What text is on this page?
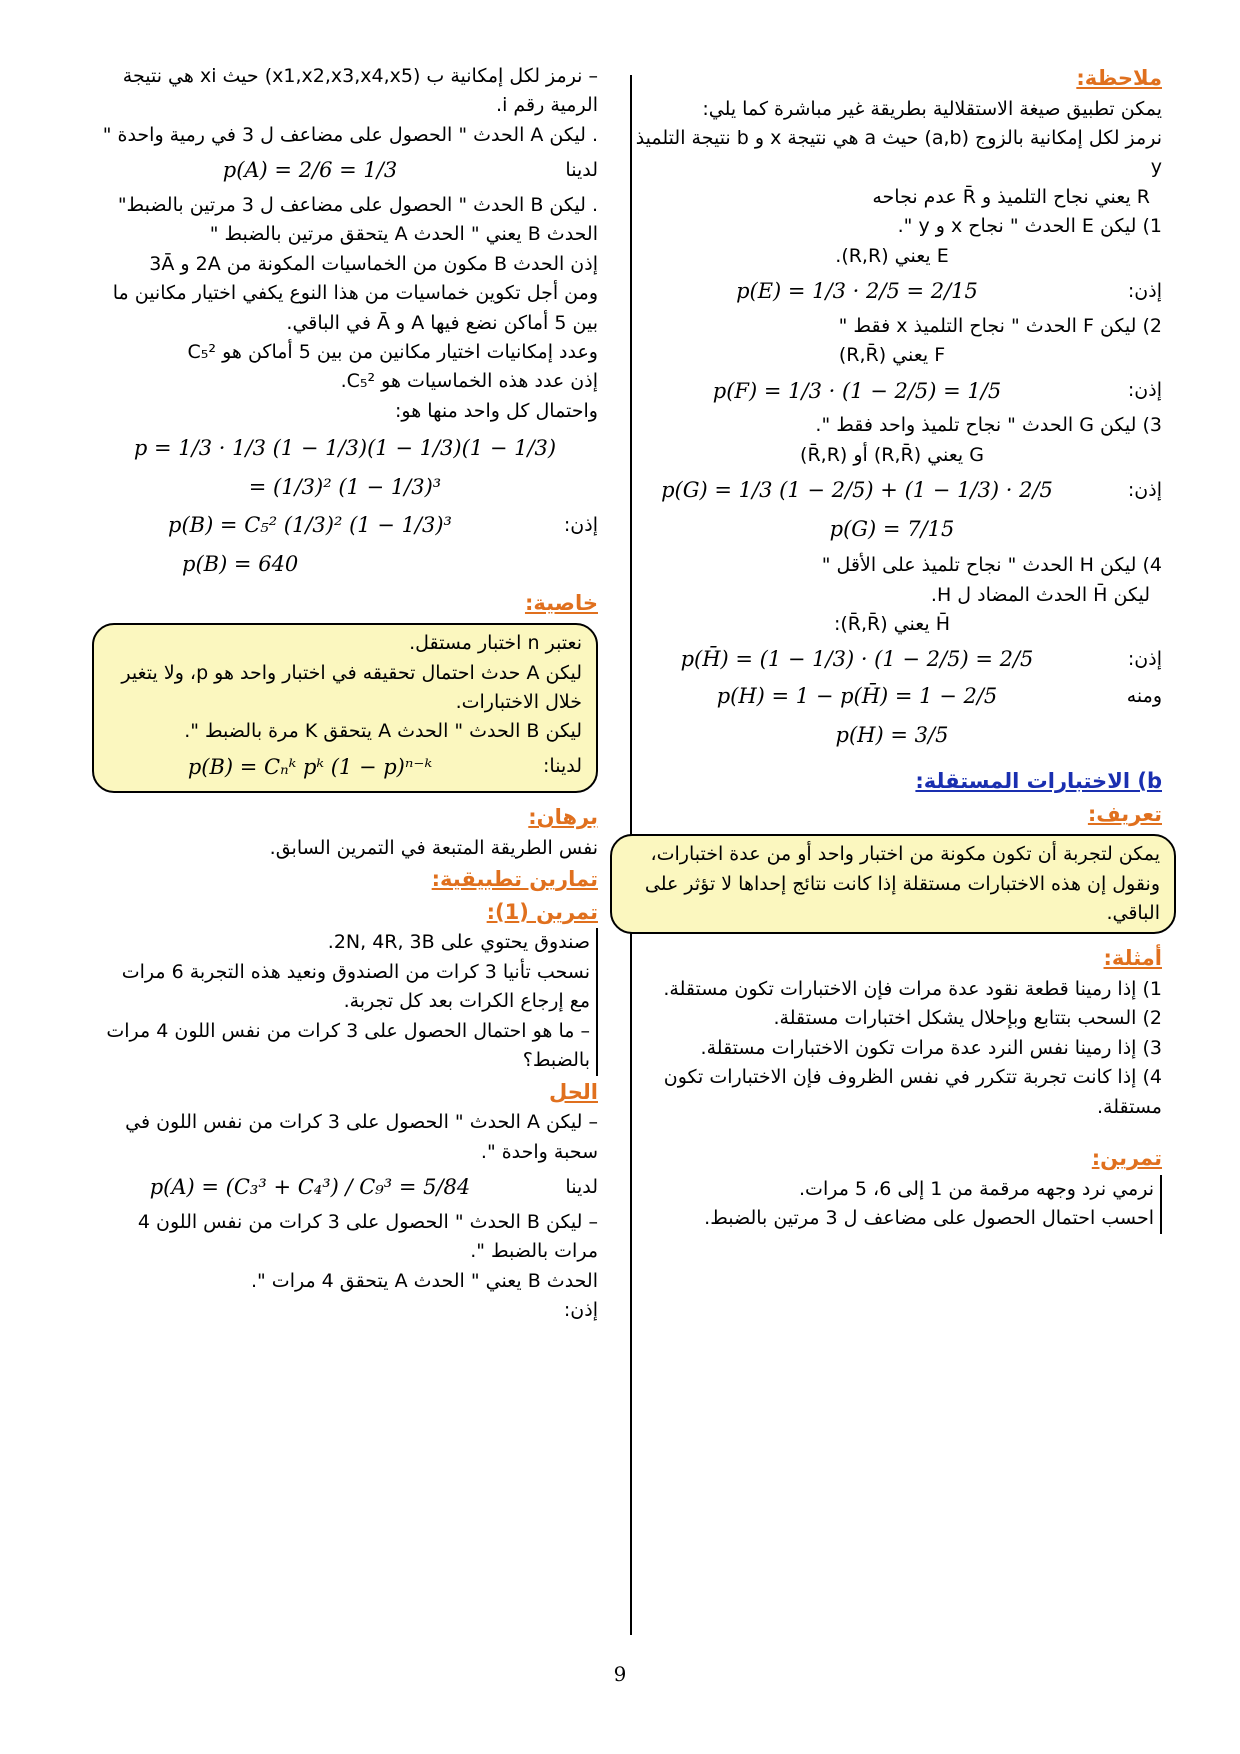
ملاحظة:

يمكن تطبيق صيغة الاستقلالية بطريقة غير مباشرة كما يلي:

نرمز لكل إمكانية بالزوج (a,b) حيث a هي نتيجة x و b نتيجة التلميذ y

R يعني نجاح التلميذ و R̄ عدم نجاحه

1) ليكن E الحدث " نجاح x و y ".

E يعني (R,R).

إذن:
p(E) = 1/3 · 2/5 = 2/15

2) ليكن F الحدث " نجاح التلميذ x فقط "

F يعني (R,R̄)

إذن:
p(F) = 1/3 · (1 − 2/5) = 1/5

3) ليكن G الحدث " نجاح تلميذ واحد فقط ".

G يعني (R,R̄) أو (R̄,R)

إذن:
p(G) = 1/3 (1 − 2/5) + (1 − 1/3) · 2/5
p(G) = 7/15

4) ليكن H الحدث " نجاح تلميذ على الأقل "

ليكن H̄ الحدث المضاد ل H.

H̄ يعني (R̄,R̄):

إذن:
p(H̄) = (1 − 1/3) · (1 − 2/5) = 2/5
ومنه
p(H) = 1 − p(H̄) = 1 − 2/5
p(H) = 3/5
b) الاختبارات المستقلة:
تعريف:

يمكن لتجربة أن تكون مكونة من اختبار واحد أو من عدة اختبارات، ونقول إن هذه الاختبارات مستقلة إذا كانت نتائج إحداها لا تؤثر على الباقي.

أمثلة:

1) إذا رمينا قطعة نقود عدة مرات فإن الاختبارات تكون مستقلة.

2) السحب بتتابع وبإحلال يشكل اختبارات مستقلة.

3) إذا رمينا نفس النرد عدة مرات تكون الاختبارات مستقلة.

4) إذا كانت تجربة تتكرر في نفس الظروف فإن الاختبارات تكون مستقلة.

تمرين:

نرمي نرد وجهه مرقمة من 1 إلى 6، 5 مرات.

احسب احتمال الحصول على مضاعف ل 3 مرتين بالضبط.

– نرمز لكل إمكانية ب (x1,x2,x3,x4,x5) حيث xi هي نتيجة الرمية رقم i.

. ليكن A الحدث " الحصول على مضاعف ل 3 في رمية واحدة "

لدينا
p(A) = 2/6 = 1/3

. ليكن B الحدث " الحصول على مضاعف ل 3 مرتين بالضبط"

الحدث B يعني " الحدث A يتحقق مرتين بالضبط "

إذن الحدث B مكون من الخماسيات المكونة من 2A و 3Ā

ومن أجل تكوين خماسيات من هذا النوع يكفي اختيار مكانين ما بين 5 أماكن نضع فيها A و Ā في الباقي.

وعدد إمكانيات اختيار مكانين من بين 5 أماكن هو C₅²

إذن عدد هذه الخماسيات هو C₅².

واحتمال كل واحد منها هو:

p = 1/3 · 1/3 (1 − 1/3)(1 − 1/3)(1 − 1/3)
= (1/3)² (1 − 1/3)³
إذن:
p(B) = C₅² (1/3)² (1 − 1/3)³
p(B) = 640
خاصية:

نعتبر n اختبار مستقل.

ليكن A حدث احتمال تحقيقه في اختبار واحد هو p، ولا يتغير خلال الاختبارات.

ليكن B الحدث " الحدث A يتحقق K مرة بالضبط ".

لدينا:
p(B) = Cₙᵏ pᵏ (1 − p)ⁿ⁻ᵏ
برهان:

نفس الطريقة المتبعة في التمرين السابق.

تمارين تطبيقية:
تمرين (1):

صندوق يحتوي على 2N, 4R, 3B.

نسحب تأنيا 3 كرات من الصندوق ونعيد هذه التجربة 6 مرات مع إرجاع الكرات بعد كل تجربة.

– ما هو احتمال الحصول على 3 كرات من نفس اللون 4 مرات بالضبط؟

الحل

– ليكن A الحدث " الحصول على 3 كرات من نفس اللون في سحبة واحدة ".

لدينا
p(A) = (C₃³ + C₄³) / C₉³ = 5/84

– ليكن B الحدث " الحصول على 3 كرات من نفس اللون 4 مرات بالضبط ".

الحدث B يعني " الحدث A يتحقق 4 مرات ".

إذن:

9
